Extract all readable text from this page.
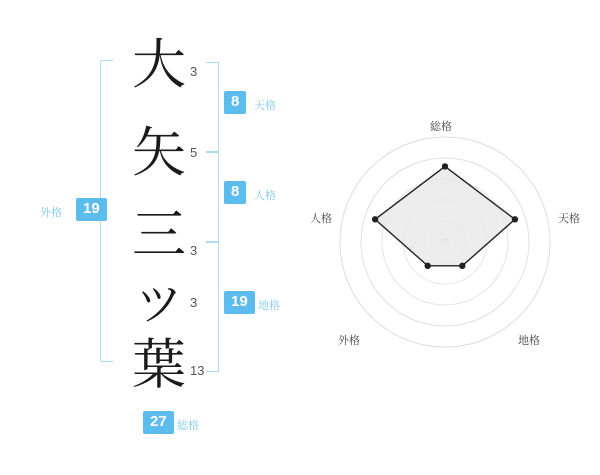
外格	19
大 3
矢 5
三 3
ツ 3
葉 13
8	天格
8	人格
19 地格
27 総格
総格
天格
地格
外格
人格
